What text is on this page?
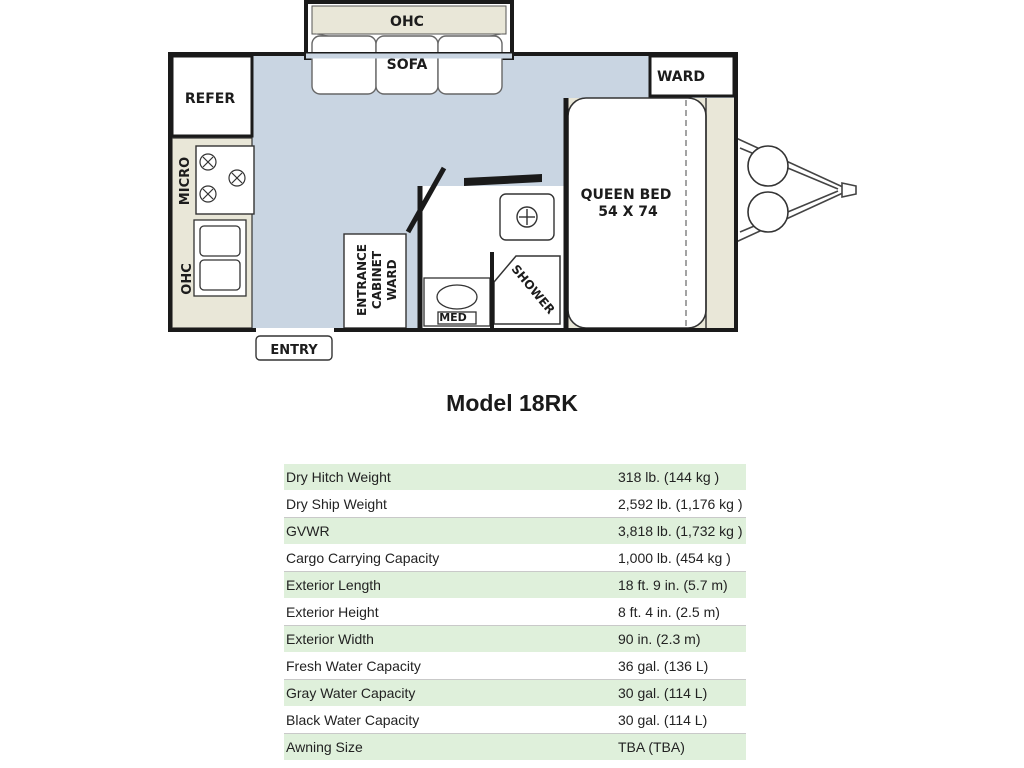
OHC
SOFA
WARD
REFER
MICRO
OHC
QUEEN BED
54 X 74
ENTRANCE CABINET WARD	SHOWER
MED
ENTRY
Model 18RK
Dry Hitch Weight	318 lb. (144 kg )
Dry Ship Weight	2,592 lb. (1,176 kg )
GVWR	3,818 lb. (1,732 kg )
Cargo Carrying Capacity	1,000 lb. (454 kg )
Exterior Length	18 ft. 9 in. (5.7 m)
Exterior Height	8 ft. 4 in. (2.5 m)
Exterior Width	90 in. (2.3 m)
Fresh Water Capacity	36 gal. (136 L)
Gray Water Capacity	30 gal. (114 L)
Black Water Capacity	30 gal. (114 L)
Awning Size	TBA (TBA)
